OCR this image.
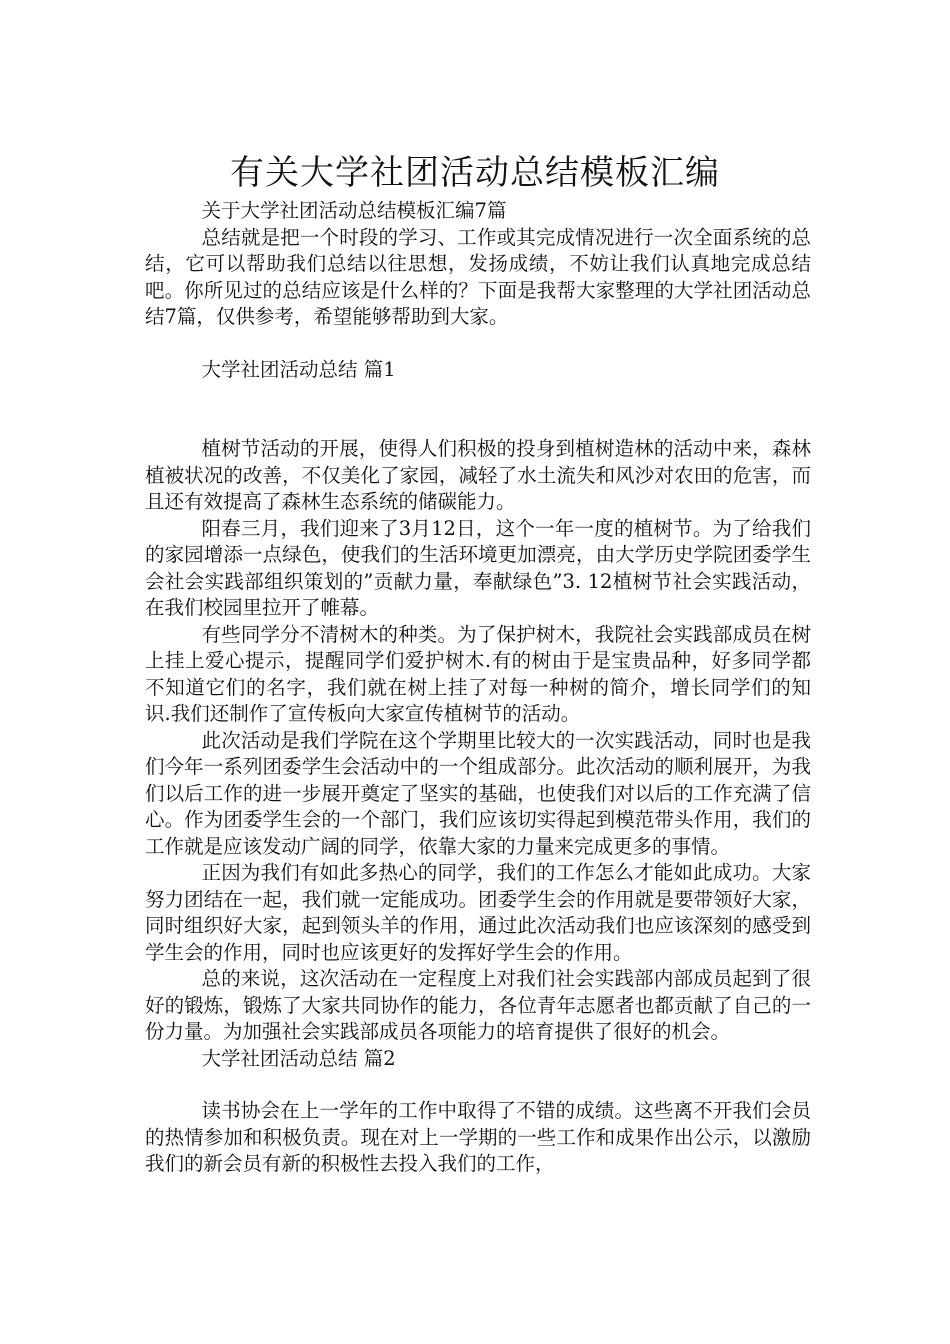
有关大学社团活动总结模板汇编

关于大学社团活动总结模板汇编7篇

总结就是把一个时段的学习、工作或其完成情况进行一次全面系统的总结，它可以帮助我们总结以往思想，发扬成绩，不妨让我们认真地完成总结吧。你所见过的总结应该是什么样的？下面是我帮大家整理的大学社团活动总结7篇，仅供参考，希望能够帮助到大家。

大学社团活动总结 篇1

植树节活动的开展，使得人们积极的投身到植树造林的活动中来，森林植被状况的改善，不仅美化了家园，减轻了水土流失和风沙对农田的危害，而且还有效提高了森林生态系统的储碳能力。

阳春三月，我们迎来了3月12日，这个一年一度的植树节。为了给我们的家园增添一点绿色，使我们的生活环境更加漂亮，由大学历史学院团委学生会社会实践部组织策划的”贡献力量，奉献绿色”3. 12植树节社会实践活动，在我们校园里拉开了帷幕。

有些同学分不清树木的种类。为了保护树木，我院社会实践部成员在树上挂上爱心提示，提醒同学们爱护树木.有的树由于是宝贵品种，好多同学都不知道它们的名字，我们就在树上挂了对每一种树的简介，增长同学们的知识.我们还制作了宣传板向大家宣传植树节的活动。

此次活动是我们学院在这个学期里比较大的一次实践活动，同时也是我们今年一系列团委学生会活动中的一个组成部分。此次活动的顺利展开，为我们以后工作的进一步展开奠定了坚实的基础，也使我们对以后的工作充满了信心。作为团委学生会的一个部门，我们应该切实得起到模范带头作用，我们的工作就是应该发动广阔的同学，依靠大家的力量来完成更多的事情。

正因为我们有如此多热心的同学，我们的工作怎么才能如此成功。大家努力团结在一起，我们就一定能成功。团委学生会的作用就是要带领好大家，同时组织好大家，起到领头羊的作用，通过此次活动我们也应该深刻的感受到学生会的作用，同时也应该更好的发挥好学生会的作用。

总的来说，这次活动在一定程度上对我们社会实践部内部成员起到了很好的锻炼，锻炼了大家共同协作的能力，各位青年志愿者也都贡献了自己的一份力量。为加强社会实践部成员各项能力的培育提供了很好的机会。

大学社团活动总结 篇2

读书协会在上一学年的工作中取得了不错的成绩。这些离不开我们会员的热情参加和积极负责。现在对上一学期的一些工作和成果作出公示，以激励我们的新会员有新的积极性去投入我们的工作，
